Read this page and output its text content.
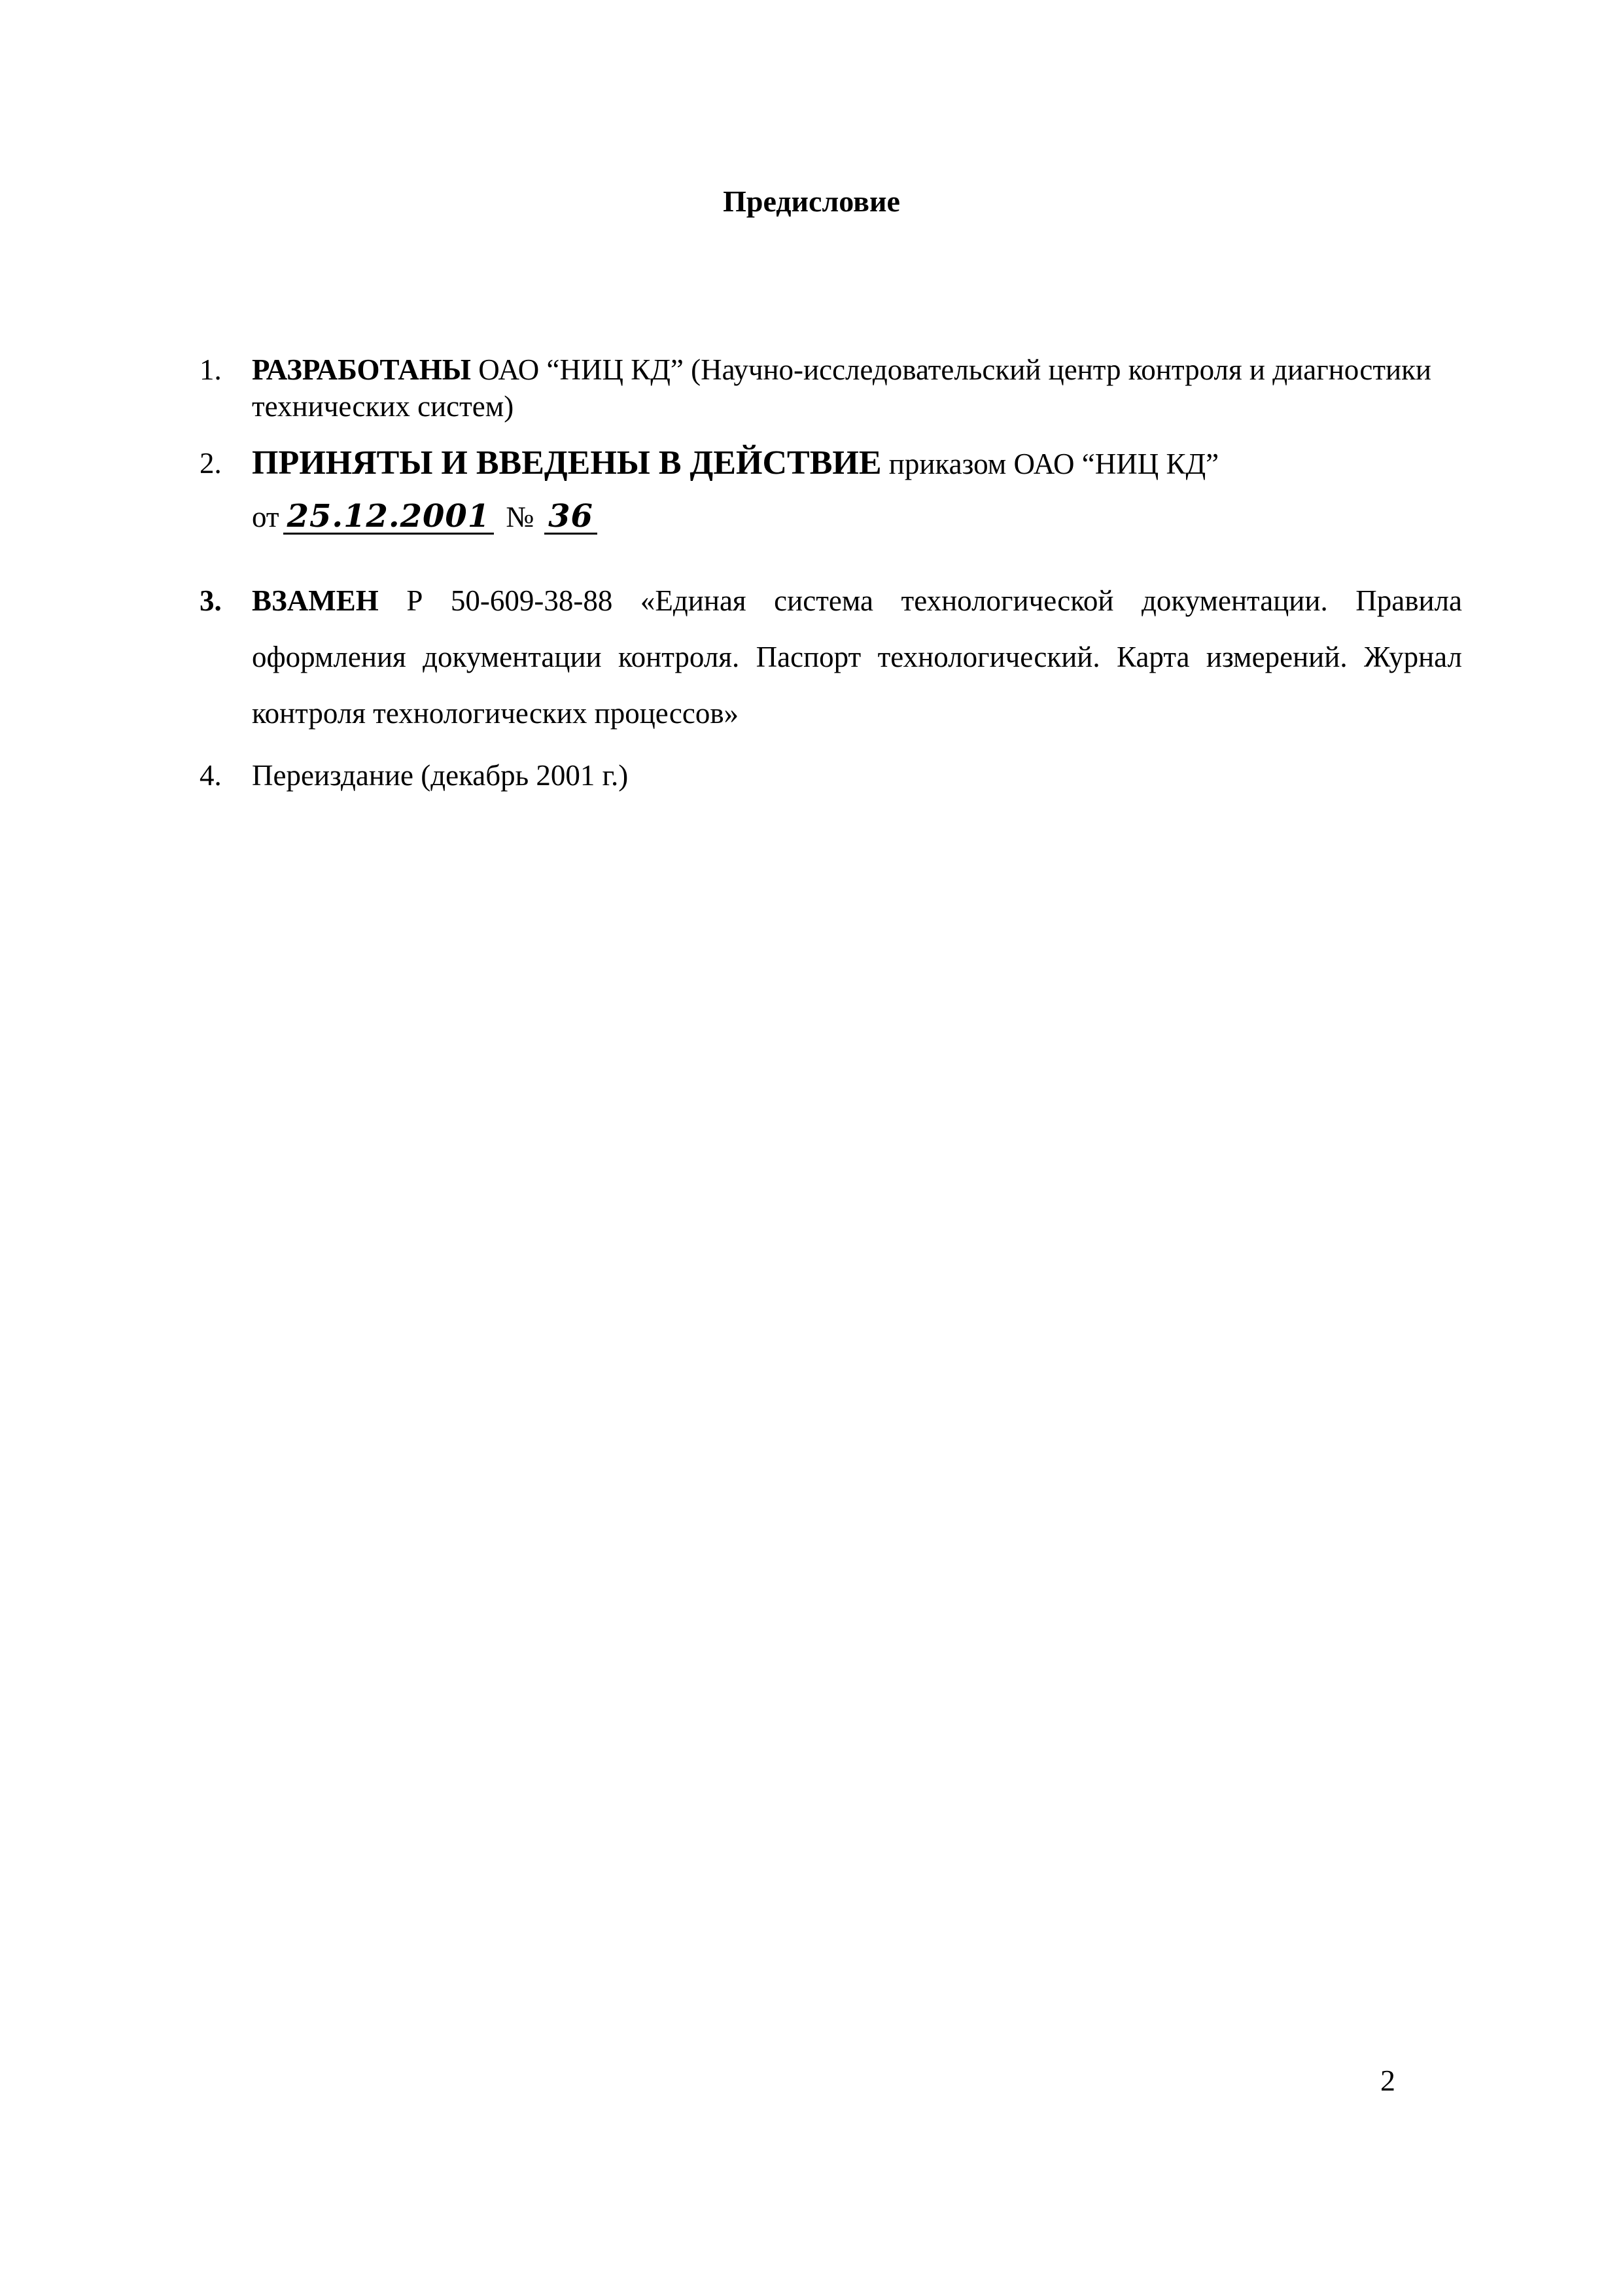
Предисловие
1. РАЗРАБОТАНЫ ОАО “НИЦ КД” (Научно-исследовательский центр контроля и диагностики технических систем)
2. ПРИНЯТЫ И ВВЕДЕНЫ В ДЕЙСТВИЕ приказом ОАО “НИЦ КД”
от 25.12.2001 № 36
3. ВЗАМЕН Р 50-609-38-88 «Единая система технологической документации. Правила оформления документации контроля. Паспорт технологический. Карта измерений. Журнал контроля технологических процессов»
4. Переиздание (декабрь 2001 г.)
2
